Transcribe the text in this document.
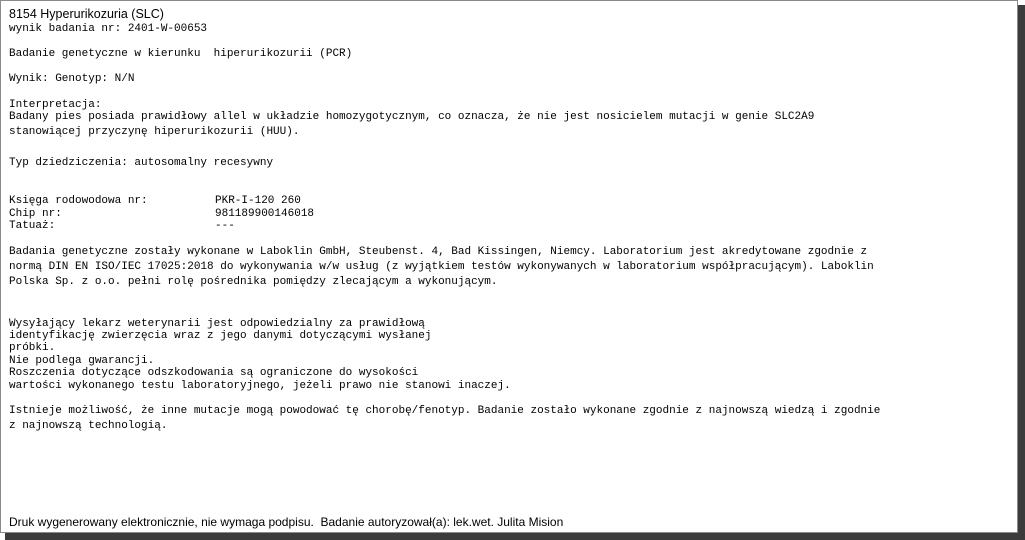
8154 Hyperurikozuria (SLC)
wynik badania nr: 2401-W-00653
Badanie genetyczne w kierunku  hiperurikozurii (PCR)
Wynik: Genotyp: N/N
Interpretacja:
Badany pies posiada prawidłowy allel w układzie homozygotycznym, co oznacza, że nie jest nosicielem mutacji w genie SLC2A9
stanowiącej przyczynę hiperurikozurii (HUU).
Typ dziedziczenia: autosomalny recesywny
Księga rodowodowa nr:	PKR-I-120 260
Chip nr:	981189900146018
Tatuaż:	---
Badania genetyczne zostały wykonane w Laboklin GmbH, Steubenst. 4, Bad Kissingen, Niemcy. Laboratorium jest akredytowane zgodnie z
normą DIN EN ISO/IEC 17025:2018 do wykonywania w/w usług (z wyjątkiem testów wykonywanych w laboratorium współpracującym). Laboklin
Polska Sp. z o.o. pełni rolę pośrednika pomiędzy zlecającym a wykonującym.
Wysyłający lekarz weterynarii jest odpowiedzialny za prawidłową
identyfikację zwierzęcia wraz z jego danymi dotyczącymi wysłanej
próbki.
Nie podlega gwarancji.
Roszczenia dotyczące odszkodowania są ograniczone do wysokości
wartości wykonanego testu laboratoryjnego, jeżeli prawo nie stanowi inaczej.
Istnieje możliwość, że inne mutacje mogą powodować tę chorobę/fenotyp. Badanie zostało wykonane zgodnie z najnowszą wiedzą i zgodnie
z najnowszą technologią.
Druk wygenerowany elektronicznie, nie wymaga podpisu.  Badanie autoryzował(a): lek.wet. Julita Mision
